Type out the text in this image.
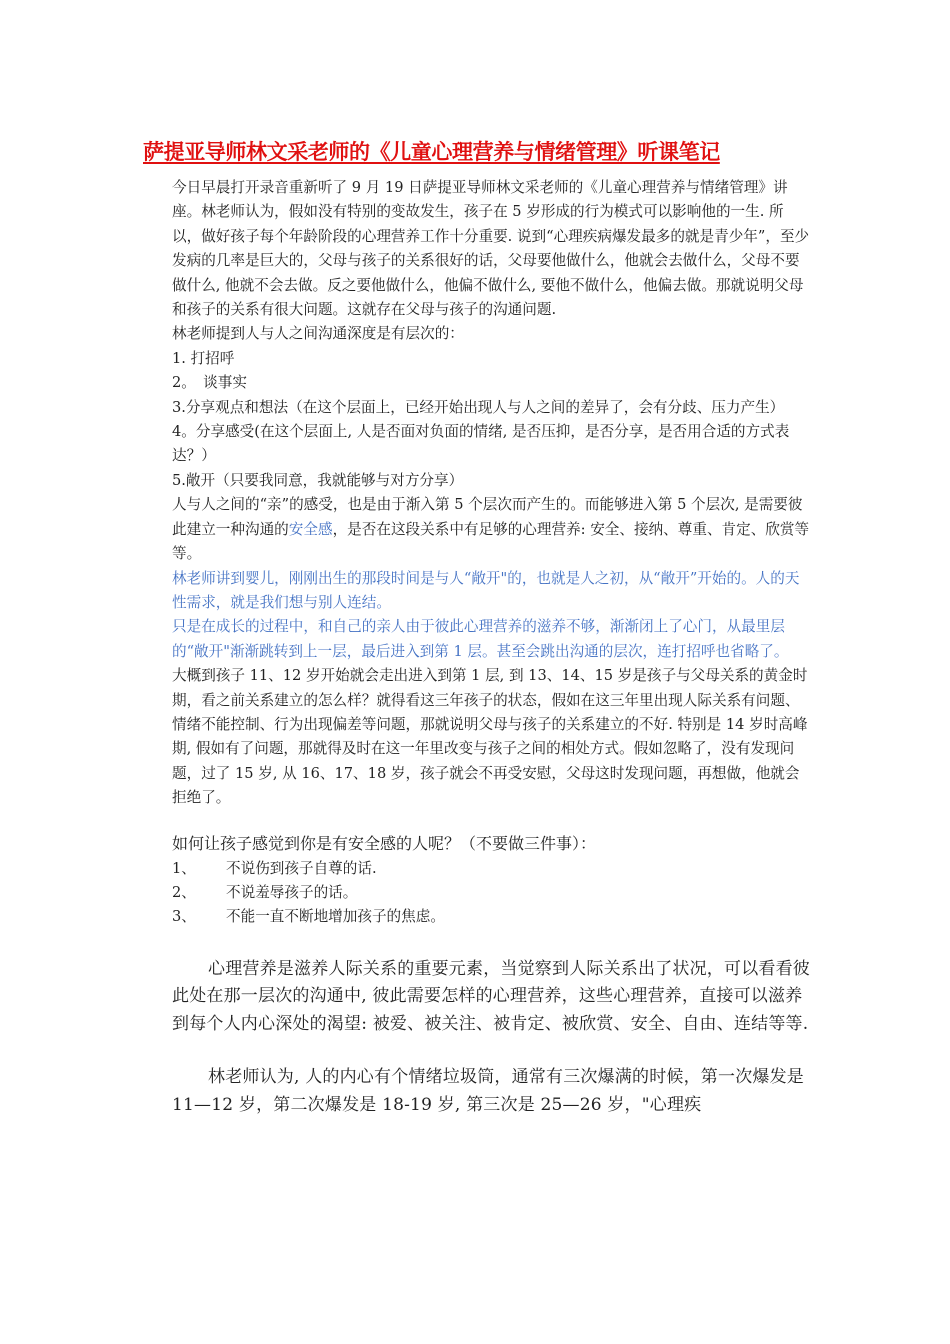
萨提亚导师林文采老师的《儿童心理营养与情绪管理》听课笔记

今日早晨打开录音重新听了 9 月 19 日萨提亚导师林文采老师的《儿童心理营养与情绪管理》讲座。林老师认为，假如没有特别的变故发生，孩子在 5 岁形成的行为模式可以影响他的一生. 所以，做好孩子每个年龄阶段的心理营养工作十分重要. 说到“心理疾病爆发最多的就是青少年”，至少发病的几率是巨大的，父母与孩子的关系很好的话，父母要他做什么，他就会去做什么，父母不要做什么, 他就不会去做。反之要他做什么，他偏不做什么, 要他不做什么，他偏去做。那就说明父母和孩子的关系有很大问题。这就存在父母与孩子的沟通问题.

林老师提到人与人之间沟通深度是有层次的：

1. 打招呼

2。　谈事实

3.分享观点和想法（在这个层面上，已经开始出现人与人之间的差异了，会有分歧、压力产生）

4。分享感受(在这个层面上, 人是否面对负面的情绪, 是否压抑，是否分享，是否用合适的方式表达？）

5.敞开（只要我同意，我就能够与对方分享）

人与人之间的“亲”的感受，也是由于渐入第 5 个层次而产生的。而能够进入第 5 个层次, 是需要彼此建立一种沟通的安全感，是否在这段关系中有足够的心理营养: 安全、接纳、尊重、肯定、欣赏等等。

林老师讲到婴儿，刚刚出生的那段时间是与人“敞开"的，也就是人之初，从“敞开”开始的。人的天性需求，就是我们想与别人连结。

只是在成长的过程中，和自己的亲人由于彼此心理营养的滋养不够，渐渐闭上了心门，从最里层的“敞开"渐渐跳转到上一层，最后进入到第 1 层。甚至会跳出沟通的层次，连打招呼也省略了。

大概到孩子 11、12 岁开始就会走出进入到第 1 层, 到 13、14、15 岁是孩子与父母关系的黄金时期，看之前关系建立的怎么样？就得看这三年孩子的状态，假如在这三年里出现人际关系有问题、情绪不能控制、行为出现偏差等问题，那就说明父母与孩子的关系建立的不好. 特别是 14 岁时高峰期, 假如有了问题，那就得及时在这一年里改变与孩子之间的相处方式。假如忽略了，没有发现问题，过了 15 岁, 从 16、17、18 岁，孩子就会不再受安慰，父母这时发现问题，再想做，他就会拒绝了。

如何让孩子感觉到你是有安全感的人呢？（不要做三件事）：

1、	不说伤到孩子自尊的话.
2、	不说羞辱孩子的话。
3、	不能一直不断地增加孩子的焦虑。

心理营养是滋养人际关系的重要元素，当觉察到人际关系出了状况，可以看看彼此处在那一层次的沟通中, 彼此需要怎样的心理营养，这些心理营养，直接可以滋养到每个人内心深处的渴望: 被爱、被关注、被肯定、被欣赏、安全、自由、连结等等.

林老师认为, 人的内心有个情绪垃圾筒，通常有三次爆满的时候，第一次爆发是 11—12 岁，第二次爆发是 18-19 岁, 第三次是 25—26 岁，"心理疾
